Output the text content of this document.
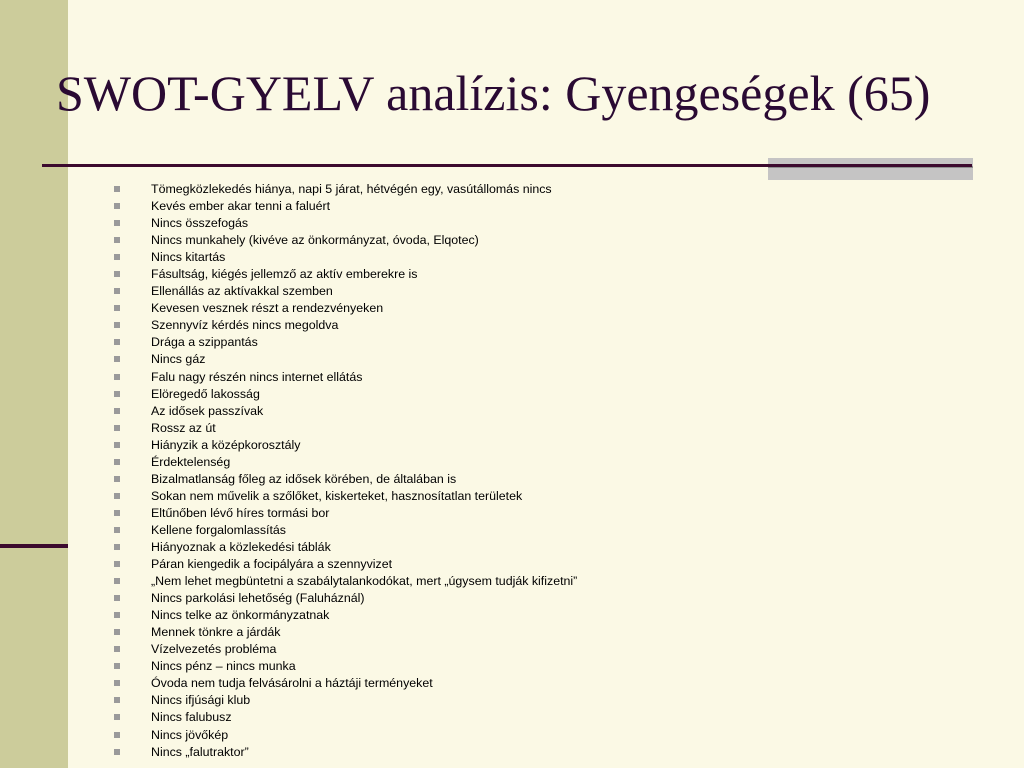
SWOT-GYELV analízis: Gyengeségek (65)
Tömegközlekedés hiánya, napi 5 járat, hétvégén egy, vasútállomás nincs
Kevés ember akar tenni a faluért
Nincs összefogás
Nincs munkahely (kivéve az önkormányzat, óvoda, Elqotec)
Nincs kitartás
Fásultság, kiégés jellemző az aktív emberekre is
Ellenállás az aktívakkal szemben
Kevesen vesznek részt a rendezvényeken
Szennyvíz kérdés nincs megoldva
Drága a szippantás
Nincs gáz
Falu nagy részén nincs internet ellátás
Elöregedő lakosság
Az idősek passzívak
Rossz az út
Hiányzik a középkorosztály
Érdektelenség
Bizalmatlanság főleg az idősek körében, de általában is
Sokan nem művelik a szőlőket, kiskerteket, hasznosítatlan területek
Eltűnőben lévő híres tormási bor
Kellene forgalomlassítás
Hiányoznak a közlekedési táblák
Páran kiengedik a focipályára a szennyvizet
„Nem lehet megbüntetni a szabálytalankodókat, mert „úgysem tudják kifizetni”
Nincs parkolási lehetőség (Faluháznál)
Nincs telke az önkormányzatnak
Mennek tönkre a járdák
Vízelvezetés probléma
Nincs pénz – nincs munka
Óvoda nem tudja felvásárolni a háztáji terményeket
Nincs ifjúsági klub
Nincs falubusz
Nincs jövőkép
Nincs „falutraktor”
